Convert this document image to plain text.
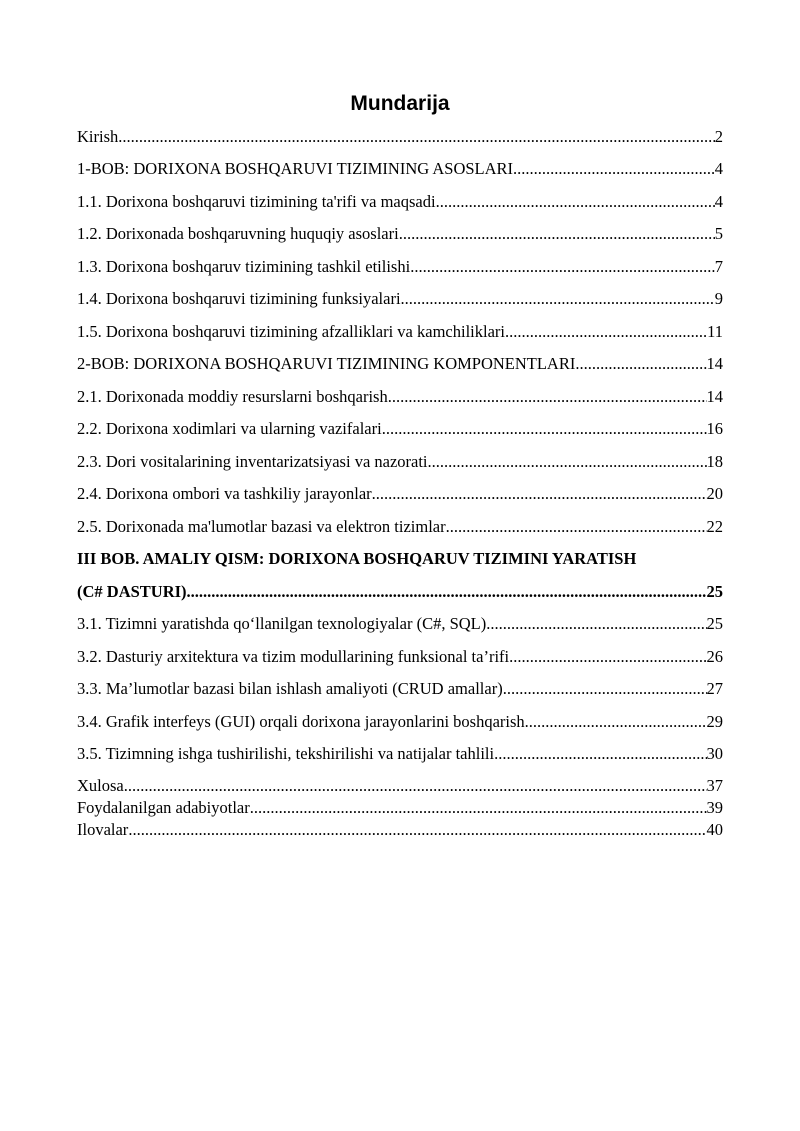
Mundarija
Kirish .....	2
1-BOB: DORIXONA BOSHQARUVI TIZIMINING ASOSLARI .....	4
1.1. Dorixona boshqaruvi tizimining ta'rifi va maqsadi .....	4
1.2. Dorixonada boshqaruvning huquqiy asoslari .....	5
1.3. Dorixona boshqaruv tizimining tashkil etilishi .....	7
1.4. Dorixona boshqaruvi tizimining funksiyalari .....	9
1.5. Dorixona boshqaruvi tizimining afzalliklari va kamchiliklari .....	11
2-BOB: DORIXONA BOSHQARUVI TIZIMINING KOMPONENTLARI .....	14
2.1. Dorixonada moddiy resurslarni boshqarish .....	14
2.2. Dorixona xodimlari va ularning vazifalari .....	16
2.3. Dori vositalarining inventarizatsiyasi va nazorati .....	18
2.4. Dorixona ombori va tashkiliy jarayonlar .....	20
2.5. Dorixonada ma'lumotlar bazasi va elektron tizimlar .....	22
III BOB. AMALIY QISM: DORIXONA BOSHQARUV TIZIMINI YARATISH
(C# DASTURI) .....	25
3.1. Tizimni yaratishda qo‘llanilgan texnologiyalar (C#, SQL) .....	25
3.2. Dasturiy arxitektura va tizim modullarining funksional ta’rifi .....	26
3.3. Ma’lumotlar bazasi bilan ishlash amaliyoti (CRUD amallar) .....	27
3.4. Grafik interfeys (GUI) orqali dorixona jarayonlarini boshqarish .....	29
3.5. Tizimning ishga tushirilishi, tekshirilishi va natijalar tahlili .....	30
Xulosa .....	37
Foydalanilgan adabiyotlar .....	39
Ilovalar .....	40
